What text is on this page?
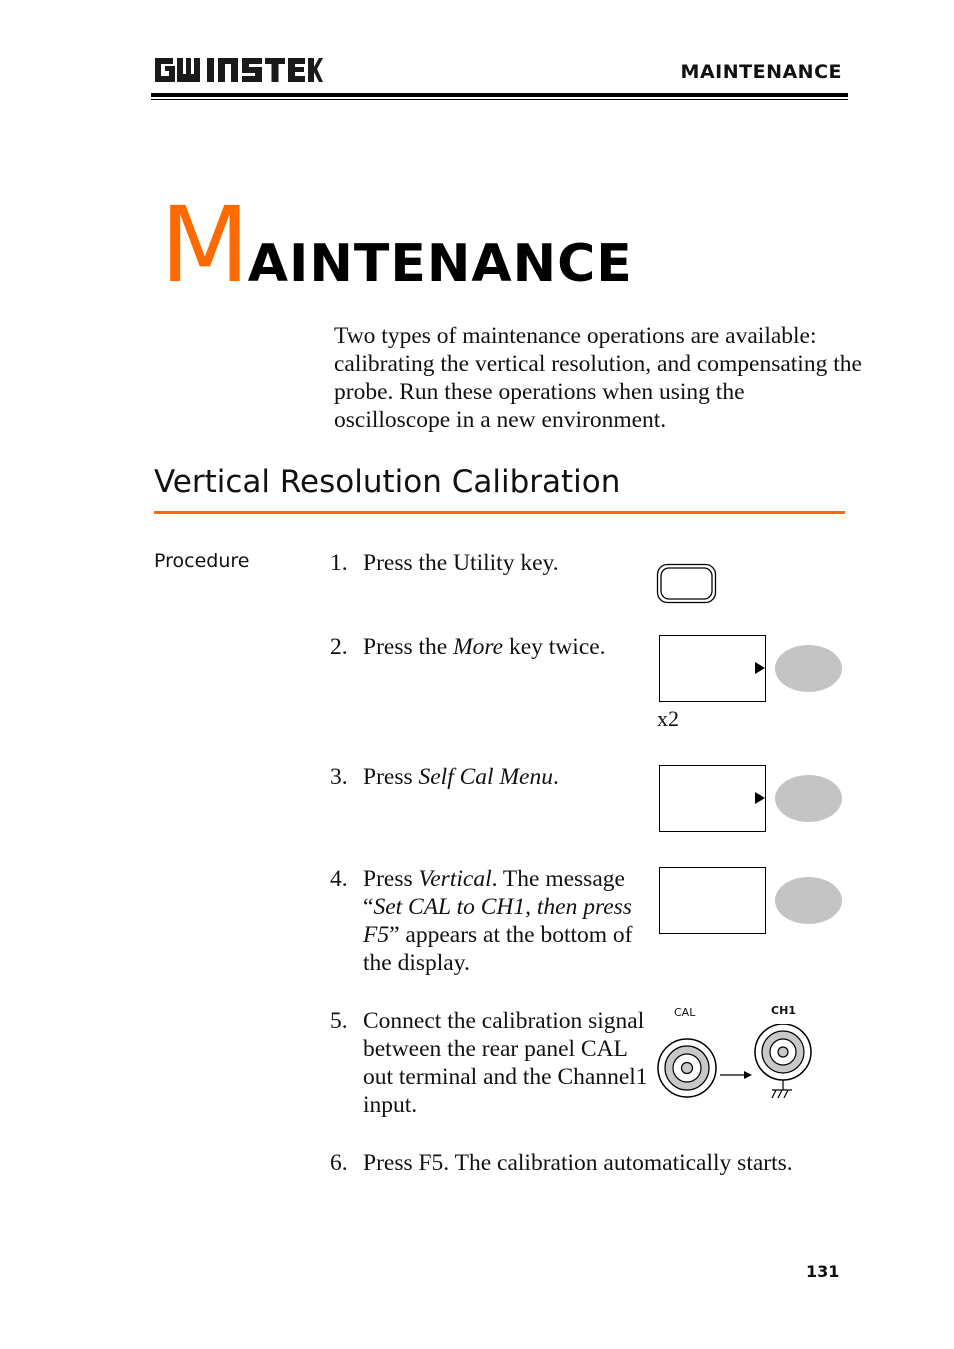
MAINTENANCE
MAINTENANCE
Two types of maintenance operations are available: calibrating the vertical resolution, and compensating the probe. Run these operations when using the oscilloscope in a new environment.
Vertical Resolution Calibration
Procedure	1. Press the Utility key.
2. Press the More key twice.
3. Press Self Cal Menu.
4. Press Vertical. The message “Set CAL to CH1, then press F5” appears at the bottom of the display.
5. Connect the calibration signal between the rear panel CAL out terminal and the Channel1 input.
6. Press F5. The calibration automatically starts.
x2
CAL	CH1
131
